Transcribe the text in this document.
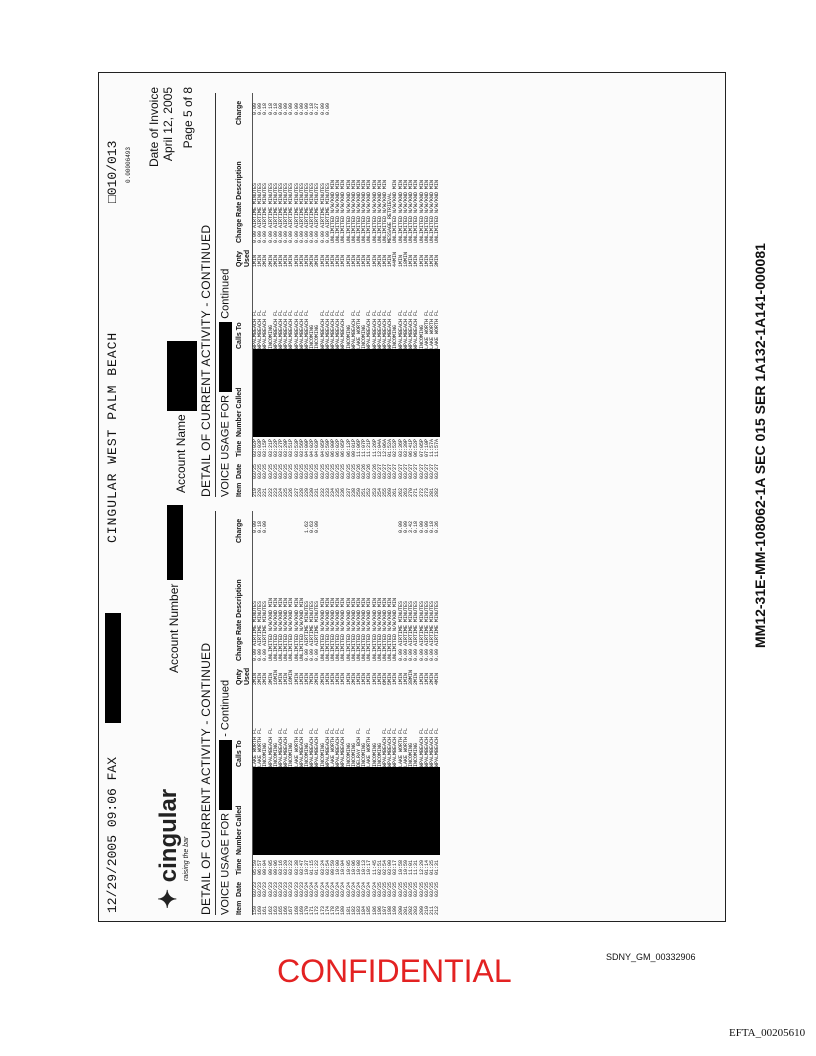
12/29/2005 09:06 FAX
CINGULAR WEST PALM BEACH
□010/013 0.00006493
✦ cingular raising the bar
Account Number
Account Name
Date of Invoice April 12, 2005 Page 5 of 8
DETAIL OF CURRENT ACTIVITY - CONTINUED VOICE USAGE FOR  - Continued
Item
Date
Time
Number Called
Calls To
Qnty Used
Charge Rate Description
Charge
159
03/23
05:59

LAKE WORTH FL
2MIN
0.09 AIRTIME MINUTES
0.09
160
03/23
06:57

LAKE WORTH FL
2MIN
0.09 AIRTIME MINUTES
0.18
161
03/23
09:04

INCOMING
2MIN
0.09 AIRTIME MINUTES
0.09
162
03/23
09:05

WPALMBEACH FL
3MIN
UNLIMITED N/W/KND MIN
163
03/23
09:06

INCOMING
16MIN
UNLIMITED N/W/KND MIN
165
03/23
03:16

WPALMBEACH FL
1MIN
UNLIMITED N/W/KND MIN
166
03/23
03:20

WPALMBEACH FL
1MIN
UNLIMITED N/W/KND MIN
167
03/23
03:22

INCOMING
16MIN
UNLIMITED N/W/KND MIN
168
03/23
03:38

LAKE WORTH FL
1MIN
UNLIMITED N/W/KND MIN
169
03/23
03:47

WPALMBEACH FL
1MIN
UNLIMITED N/W/KND MIN
170
03/24
10:37

INCOMING
1MIN
0.09 AIRTIME MINUTES
1.62
171
03/24
01:15

WPALMBEACH FL
7MIN
0.09 AIRTIME MINUTES
0.63
172
03/24
01:22

WPALMBEACH FL
2MIN
0.09 AIRTIME MINUTES
0.09
173
03/24
03:24

INCOMING
2MIN
UNLIMITED N/W/KND MIN
174
03/24
03:54

WPALMBEACH FL
1MIN
UNLIMITED N/W/KND MIN
178
03/24
09:59

LAKE WORTH FL
1MIN
UNLIMITED N/W/KND MIN
179
03/24
10:00

WPALMBEACH FL
1MIN
UNLIMITED N/W/KND MIN
180
03/24
10:04

WPALMBEACH FL
1MIN
UNLIMITED N/W/KND MIN
181
03/24
10:05

INCOMING
1MIN
UNLIMITED N/W/KND MIN
182
03/24
10:06

INCOMING
2MIN
UNLIMITED N/W/KND MIN
183
03/24
10:08

DELRAY BCH FL
1MIN
UNLIMITED N/W/KND MIN
184
03/24
10:13

INCOMING
1MIN
UNLIMITED N/W/KND MIN
185
03/24
10:17

LAKE WORTH FL
1MIN
UNLIMITED N/W/KND MIN
186
03/24
11:45

INCOMING
1MIN
UNLIMITED N/W/KND MIN
196
03/25
02:51

INCOMING
1MIN
UNLIMITED N/W/KND MIN
197
03/25
02:54

WPALMBEACH FL
6MIN
UNLIMITED N/W/KND MIN
198
03/25
03:00

WPALMBEACH FL
5MIN
UNLIMITED N/W/KND MIN
199
03/25
03:17

WPALMBEACH FL
1MIN
UNLIMITED N/W/KND MIN
200
03/25
10:58

LAKE WORTH FL
1MIN
0.09 AIRTIME MINUTES
0.09
201
03/25
10:59

LAKE WORTH FL
1MIN
0.09 AIRTIME MINUTES
0.09
202
03/25
11:01

INCOMING
38MIN
0.09 AIRTIME MINUTES
3.42
203
03/25
11:31

INCOMING
2MIN
0.09 AIRTIME MINUTES
0.18
209
03/25
12:29

WPALMBEACH FL
1MIN
0.09 AIRTIME MINUTES
0.09
210
03/25
01:14

WPALMBEACH FL
1MIN
0.09 AIRTIME MINUTES
0.09
211
03/25
01:25

WPALMBEACH FL
2MIN
0.09 AIRTIME MINUTES
0.18
212
03/25
01:31

WPALMBEACH FL
4MIN
0.09 AIRTIME MINUTES
0.36
DETAIL OF CURRENT ACTIVITY - CONTINUED VOICE USAGE FOR  Continued
Item
Date
Time
Number Called
Calls To
Qnty Used
Charge Rate Description
Charge
219
03/25
03:02P

WPALMBEACH FL
1MIN
0.09 AIRTIME MINUTES
0.09
220
03/25
03:03P

WPALMBEACH FL
1MIN
0.09 AIRTIME MINUTES
0.09
221
03/25
03:15P

WPALMBEACH FL
2MIN
0.09 AIRTIME MINUTES
0.18
222
03/25
03:21P

INCOMING
2MIN
0.09 AIRTIME MINUTES
0.18
223
03/25
03:22P

WPALMBEACH FL
2MIN
0.09 AIRTIME MINUTES
0.18
224
03/25
03:27P

WPALMBEACH FL
1MIN
0.09 AIRTIME MINUTES
0.09
225
03/25
03:29P

WPALMBEACH FL
1MIN
0.09 AIRTIME MINUTES
0.09
226
03/25
03:51P

WPALMBEACH FL
1MIN
0.09 AIRTIME MINUTES
0.09
227
03/25
03:53P

WPALMBEACH FL
1MIN
0.09 AIRTIME MINUTES
0.09
228
03/25
03:56P

WPALMBEACH FL
1MIN
0.09 AIRTIME MINUTES
0.09
229
03/25
04:00P

WPALMBEACH FL
1MIN
0.09 AIRTIME MINUTES
0.09
230
03/25
04:02P

INCOMING
2MIN
0.09 AIRTIME MINUTES
0.18
231
03/25
04:03P

INCOMING
3MIN
0.09 AIRTIME MINUTES
0.27
232
03/25
04:05P

WPALMBEACH FL
1MIN
0.09 AIRTIME MINUTES
0.09
233
03/25
05:59P

WPALMBEACH FL
1MIN
0.09 AIRTIME MINUTES
0.09
234
03/25
06:00P

WPALMBEACH FL
1MIN
UNLIMITED N/W/KND MIN
235
03/25
06:02P

WPALMBEACH FL
1MIN
UNLIMITED N/W/KND MIN
236
03/25
06:05P

WPALMBEACH FL
1MIN
UNLIMITED N/W/KND MIN
237
03/25
06:12P

INCOMING
1MIN
UNLIMITED N/W/KND MIN
238
03/25
09:01P

WPALMBEACH FL
1MIN
UNLIMITED N/W/KND MIN
250
03/26
11:06P

LAKE WORTH FL
1MIN
UNLIMITED N/W/KND MIN
251
03/26
11:07P

INCOMING
1MIN
UNLIMITED N/W/KND MIN
252
03/26
11:21P

WPALMBEACH FL
1MIN
UNLIMITED N/W/KND MIN
253
03/26
11:26P

WPALMBEACH FL
1MIN
UNLIMITED N/W/KND MIN
254
03/27
12:04A

WPALMBEACH FL
2MIN
UNLIMITED N/W/KND MIN
255
03/27
12:06A

WPALMBEACH FL
1MIN
UNLIMITED N/W/KND MIN
260
03/27
01:52A

WPALMBEACH FL
1MIN
MESSAGE RETRIEVAL
261
03/27
02:52P

INCOMING
44MIN
UNLIMITED N/W/KND MIN
262
03/27
03:36P

WPALMBEACH FL
1MIN
UNLIMITED N/W/KND MIN
263
03/27
03:39P

WPALMBEACH FL
18MIN
UNLIMITED N/W/KND MIN
270
03/27
06:41P

WPALMBEACH FL
1MIN
UNLIMITED N/W/KND MIN
271
03/27
06:52P

WPALMBEACH FL
1MIN
UNLIMITED N/W/KND MIN
272
03/27
07:05P

INCOMING
1MIN
UNLIMITED N/W/KND MIN
273
03/27
07:10P

LAKE WORTH FL
1MIN
UNLIMITED N/W/KND MIN
281
03/27
11:57A

LAKE WORTH FL
1MIN
UNLIMITED N/W/KND MIN
282
03/27
11:57A

LAKE WORTH FL
3MIN
UNLIMITED N/W/KND MIN
MM12-31E-MM-108062-1A SEC 015 SER 1A132-1A141-000081
CONFIDENTIAL	SDNY_GM_00332906
EFTA_00205610
